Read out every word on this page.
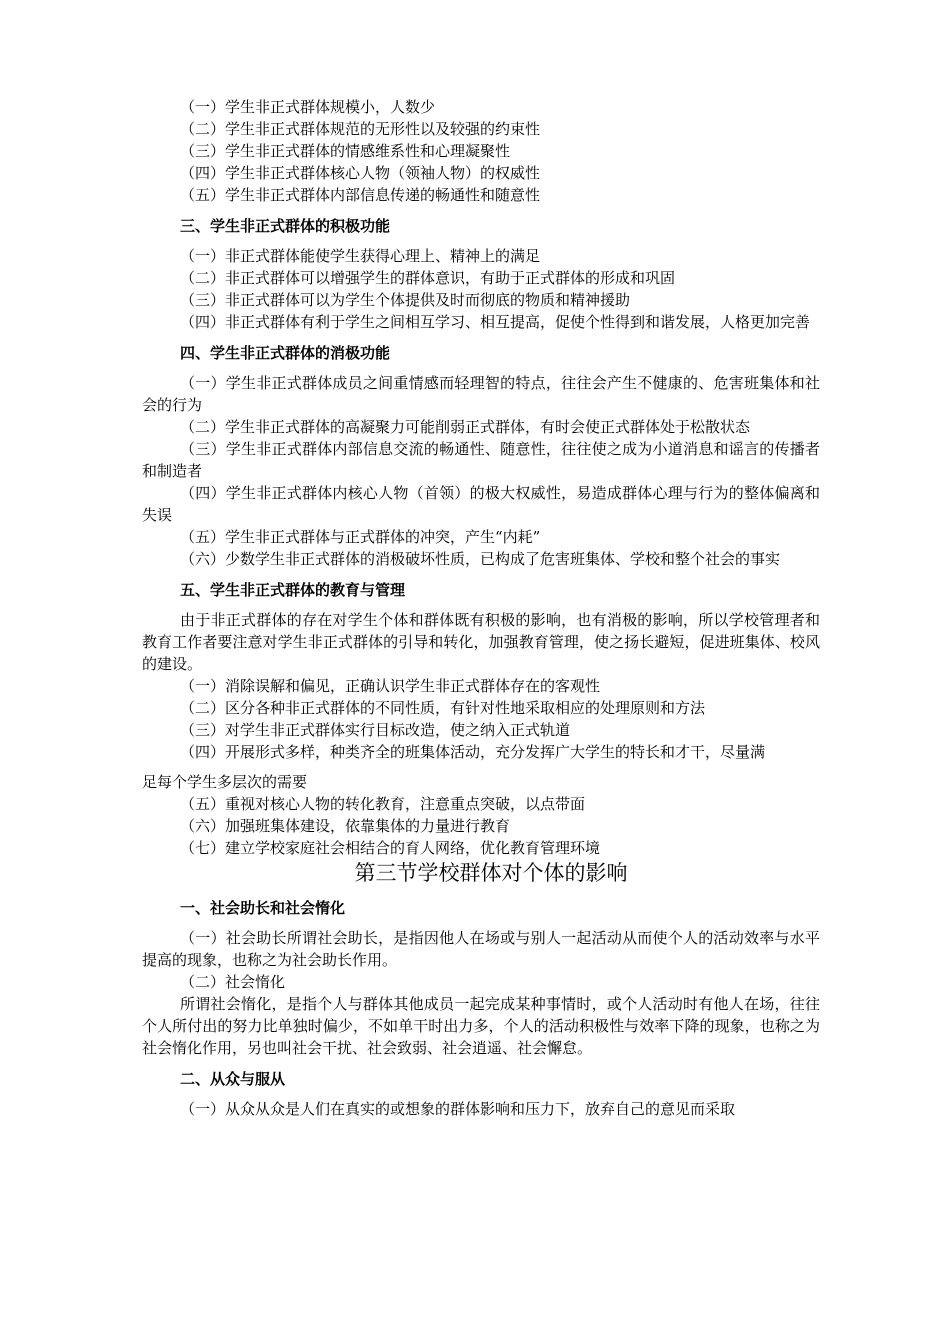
（一）学生非正式群体规模小，人数少

（二）学生非正式群体规范的无形性以及较强的约束性

（三）学生非正式群体的情感维系性和心理凝聚性

（四）学生非正式群体核心人物（领袖人物）的权威性

（五）学生非正式群体内部信息传递的畅通性和随意性

三、学生非正式群体的积极功能

（一）非正式群体能使学生获得心理上、精神上的满足

（二）非正式群体可以增强学生的群体意识，有助于正式群体的形成和巩固

（三）非正式群体可以为学生个体提供及时而彻底的物质和精神援助

（四）非正式群体有利于学生之间相互学习、相互提高，促使个性得到和谐发展，人格更加完善

四、学生非正式群体的消极功能

（一）学生非正式群体成员之间重情感而轻理智的特点，往往会产生不健康的、危害班集体和社会的行为

（二）学生非正式群体的高凝聚力可能削弱正式群体，有时会使正式群体处于松散状态

（三）学生非正式群体内部信息交流的畅通性、随意性，往往使之成为小道消息和谣言的传播者和制造者

（四）学生非正式群体内核心人物（首领）的极大权威性，易造成群体心理与行为的整体偏离和失误

（五）学生非正式群体与正式群体的冲突，产生“内耗”

（六）少数学生非正式群体的消极破坏性质，已构成了危害班集体、学校和整个社会的事实

五、学生非正式群体的教育与管理

由于非正式群体的存在对学生个体和群体既有积极的影响，也有消极的影响，所以学校管理者和教育工作者要注意对学生非正式群体的引导和转化，加强教育管理，使之扬长避短，促进班集体、校风的建设。

（一）消除误解和偏见，正确认识学生非正式群体存在的客观性

（二）区分各种非正式群体的不同性质，有针对性地采取相应的处理原则和方法

（三）对学生非正式群体实行目标改造，使之纳入正式轨道

（四）开展形式多样，种类齐全的班集体活动，充分发挥广大学生的特长和才干，尽量满

足每个学生多层次的需要

（五）重视对核心人物的转化教育，注意重点突破，以点带面

（六）加强班集体建设，依靠集体的力量进行教育

（七）建立学校家庭社会相结合的育人网络，优化教育管理环境

第三节学校群体对个体的影响
一、社会助长和社会惰化

（一）社会助长所谓社会助长，是指因他人在场或与别人一起活动从而使个人的活动效率与水平提高的现象，也称之为社会助长作用。

（二）社会惰化

所谓社会惰化，是指个人与群体其他成员一起完成某种事情时，或个人活动时有他人在场，往往个人所付出的努力比单独时偏少，不如单干时出力多，个人的活动积极性与效率下降的现象，也称之为社会惰化作用，另也叫社会干扰、社会致弱、社会逍遥、社会懈怠。

二、从众与服从

（一）从众从众是人们在真实的或想象的群体影响和压力下，放弃自己的意见而采取
